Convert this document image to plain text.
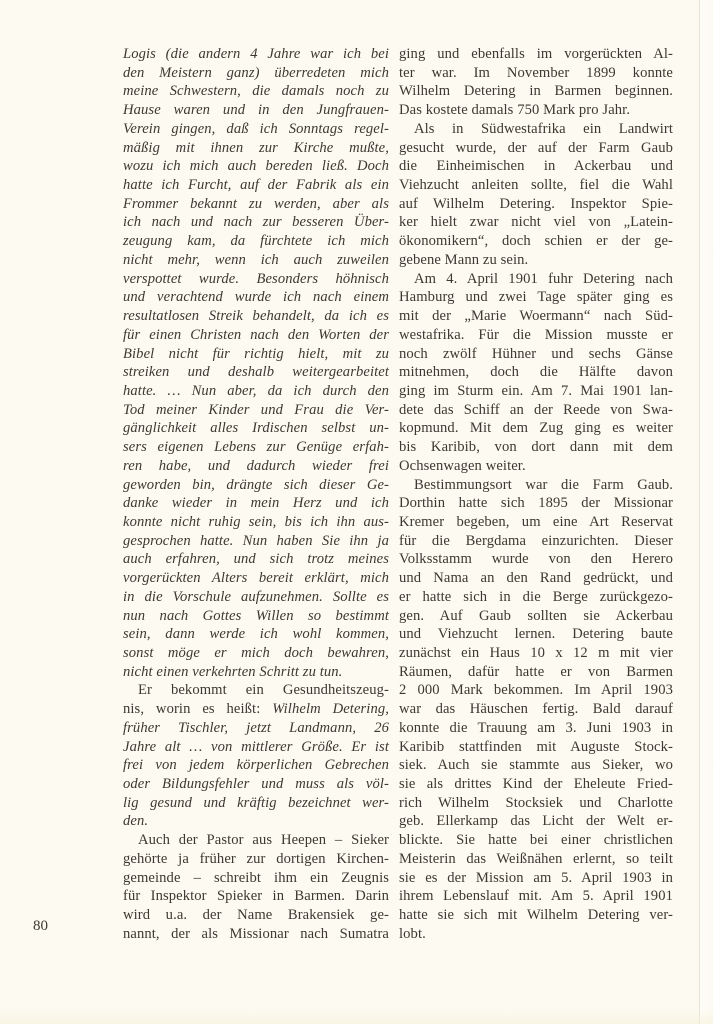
Logis (die andern 4 Jahre war ich bei
den Meistern ganz) überredeten mich
meine Schwestern, die damals noch zu
Hause waren und in den Jungfrauen-
Verein gingen, daß ich Sonntags regel-
mäßig mit ihnen zur Kirche mußte,
wozu ich mich auch bereden ließ. Doch
hatte ich Furcht, auf der Fabrik als ein
Frommer bekannt zu werden, aber als
ich nach und nach zur besseren Über-
zeugung kam, da fürchtete ich mich
nicht mehr, wenn ich auch zuweilen
verspottet wurde. Besonders höhnisch
und verachtend wurde ich nach einem
resultatlosen Streik behandelt, da ich es
für einen Christen nach den Worten der
Bibel nicht für richtig hielt, mit zu
streiken und deshalb weitergearbeitet
hatte. … Nun aber, da ich durch den
Tod meiner Kinder und Frau die Ver-
gänglichkeit alles Irdischen selbst un-
sers eigenen Lebens zur Genüge erfah-
ren habe, und dadurch wieder frei
geworden bin, drängte sich dieser Ge-
danke wieder in mein Herz und ich
konnte nicht ruhig sein, bis ich ihn aus-
gesprochen hatte. Nun haben Sie ihn ja
auch erfahren, und sich trotz meines
vorgerückten Alters bereit erklärt, mich
in die Vorschule aufzunehmen. Sollte es
nun nach Gottes Willen so bestimmt
sein, dann werde ich wohl kommen,
sonst möge er mich doch bewahren,
nicht einen verkehrten Schritt zu tun.
Er bekommt ein Gesundheitszeug-
nis, worin es heißt: Wilhelm Detering,
früher Tischler, jetzt Landmann, 26
Jahre alt … von mittlerer Größe. Er ist
frei von jedem körperlichen Gebrechen
oder Bildungsfehler und muss als völ-
lig gesund und kräftig bezeichnet wer-
den.
Auch der Pastor aus Heepen – Sieker
gehörte ja früher zur dortigen Kirchen-
gemeinde – schreibt ihm ein Zeugnis
für Inspektor Spieker in Barmen. Darin
wird u.a. der Name Brakensiek ge-
nannt, der als Missionar nach Sumatra
ging und ebenfalls im vorgerückten Al-
ter war. Im November 1899 konnte
Wilhelm Detering in Barmen beginnen.
Das kostete damals 750 Mark pro Jahr.
Als in Südwestafrika ein Landwirt
gesucht wurde, der auf der Farm Gaub
die Einheimischen in Ackerbau und
Viehzucht anleiten sollte, fiel die Wahl
auf Wilhelm Detering. Inspektor Spie-
ker hielt zwar nicht viel von „Latein-
ökonomikern“, doch schien er der ge-
gebene Mann zu sein.
Am 4. April 1901 fuhr Detering nach
Hamburg und zwei Tage später ging es
mit der „Marie Woermann“ nach Süd-
westafrika. Für die Mission musste er
noch zwölf Hühner und sechs Gänse
mitnehmen, doch die Hälfte davon
ging im Sturm ein. Am 7. Mai 1901 lan-
dete das Schiff an der Reede von Swa-
kopmund. Mit dem Zug ging es weiter
bis Karibib, von dort dann mit dem
Ochsenwagen weiter.
Bestimmungsort war die Farm Gaub.
Dorthin hatte sich 1895 der Missionar
Kremer begeben, um eine Art Reservat
für die Bergdama einzurichten. Dieser
Volksstamm wurde von den Herero
und Nama an den Rand gedrückt, und
er hatte sich in die Berge zurückgezo-
gen. Auf Gaub sollten sie Ackerbau
und Viehzucht lernen. Detering baute
zunächst ein Haus 10 x 12 m mit vier
Räumen, dafür hatte er von Barmen
2 000 Mark bekommen. Im April 1903
war das Häuschen fertig. Bald darauf
konnte die Trauung am 3. Juni 1903 in
Karibib stattfinden mit Auguste Stock-
siek. Auch sie stammte aus Sieker, wo
sie als drittes Kind der Eheleute Fried-
rich Wilhelm Stocksiek und Charlotte
geb. Ellerkamp das Licht der Welt er-
blickte. Sie hatte bei einer christlichen
Meisterin das Weißnähen erlernt, so teilt
sie es der Mission am 5. April 1903 in
ihrem Lebenslauf mit. Am 5. April 1901
hatte sie sich mit Wilhelm Detering ver-
lobt.
80
